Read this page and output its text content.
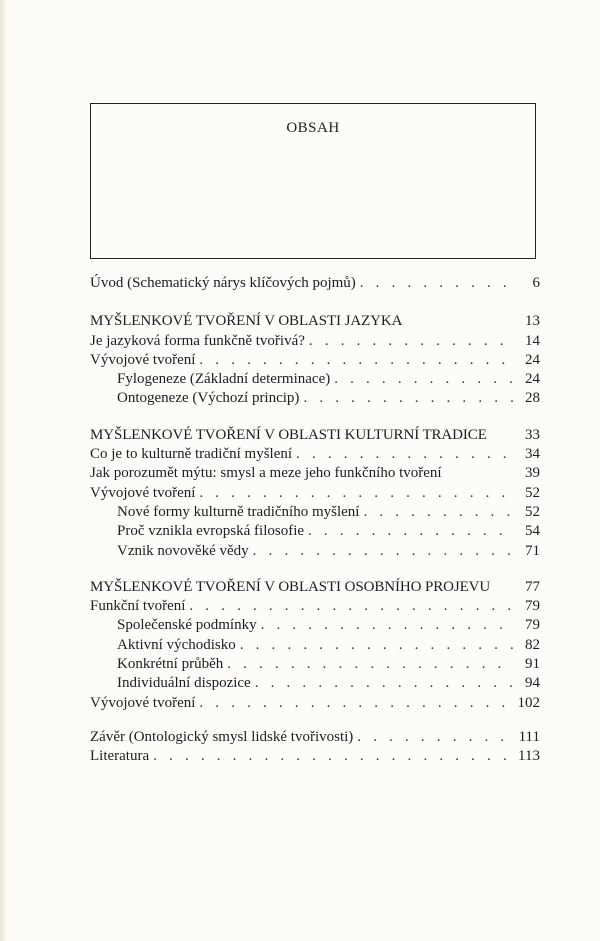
OBSAH
Úvod (Schematický nárys klíčových pojmů) . . .	6
MYŠLENKOVÉ TVOŘENÍ V OBLASTI JAZYKA	13
Je jazyková forma funkčně tvořivá? . . .	14
Vývojové tvoření . . .	24
Fylogeneze (Základní determinace) . . .	24
Ontogeneze (Výchozí princip) . . .	28
MYŠLENKOVÉ TVOŘENÍ V OBLASTI KULTURNÍ TRADICE	33
Co je to kulturně tradiční myšlení . . .	34
Jak porozumět mýtu: smysl a meze jeho funkčního tvoření	39
Vývojové tvoření . . .	52
Nové formy kulturně tradičního myšlení . . .	52
Proč vznikla evropská filosofie . . .	54
Vznik novověké vědy . . .	71
MYŠLENKOVÉ TVOŘENÍ V OBLASTI OSOBNÍHO PROJEVU	77
Funkční tvoření . . .	79
Společenské podmínky . . .	79
Aktivní východisko . . .	82
Konkrétní průběh . . .	91
Individuální dispozice . . .	94
Vývojové tvoření . . .	102
Závěr (Ontologický smysl lidské tvořivosti) . . .	111
Literatura . . .	113
